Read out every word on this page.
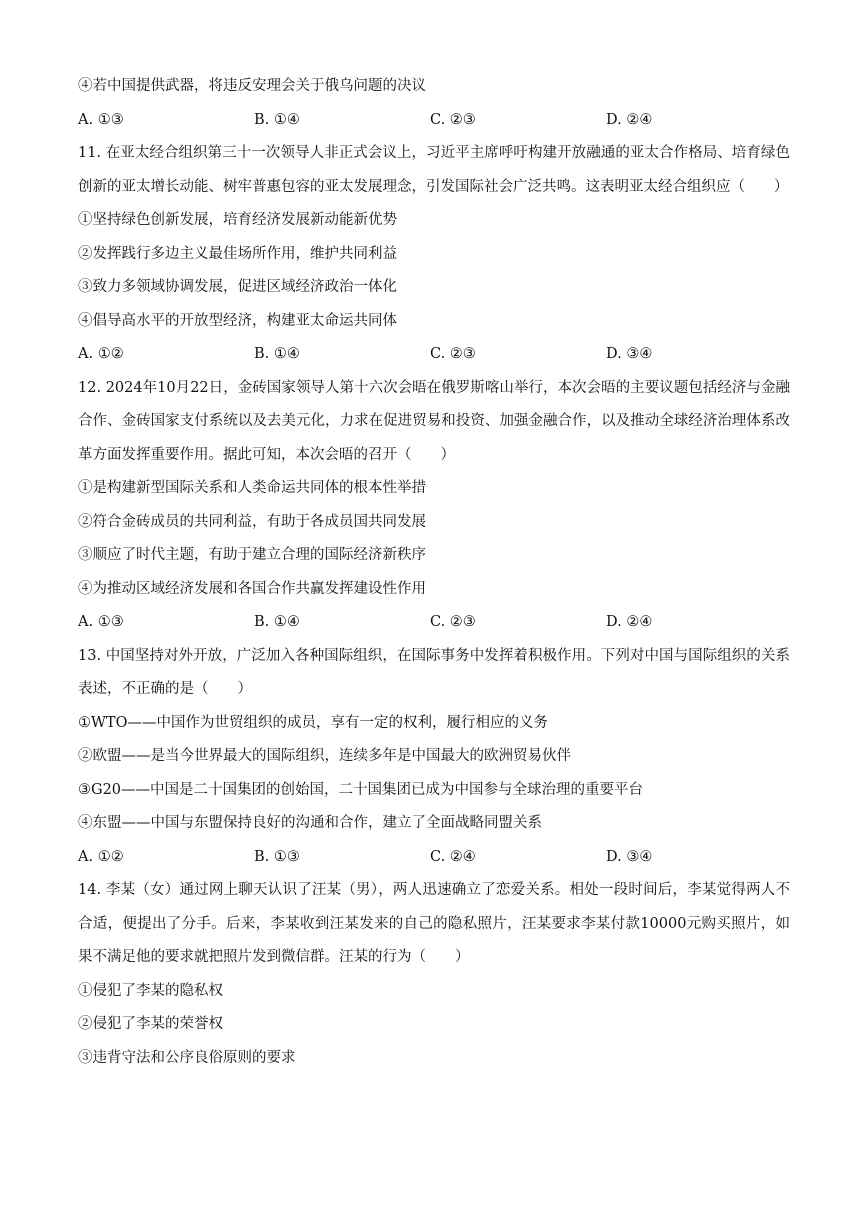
④若中国提供武器，将违反安理会关于俄乌问题的决议
A. ①③	B. ①④	C. ②③	D. ②④
11. 在亚太经合组织第三十一次领导人非正式会议上，习近平主席呼吁构建开放融通的亚太合作格局、培育绿色创新的亚太增长动能、树牢普惠包容的亚太发展理念，引发国际社会广泛共鸣。这表明亚太经合组织应（　　）
①坚持绿色创新发展，培育经济发展新动能新优势
②发挥践行多边主义最佳场所作用，维护共同利益
③致力多领域协调发展，促进区域经济政治一体化
④倡导高水平的开放型经济，构建亚太命运共同体
A. ①②	B. ①④	C. ②③	D. ③④
12. 2024年10月22日，金砖国家领导人第十六次会晤在俄罗斯喀山举行，本次会晤的主要议题包括经济与金融合作、金砖国家支付系统以及去美元化，力求在促进贸易和投资、加强金融合作，以及推动全球经济治理体系改革方面发挥重要作用。据此可知，本次会晤的召开（　　）
①是构建新型国际关系和人类命运共同体的根本性举措
②符合金砖成员的共同利益，有助于各成员国共同发展
③顺应了时代主题，有助于建立合理的国际经济新秩序
④为推动区域经济发展和各国合作共赢发挥建设性作用
A. ①③	B. ①④	C. ②③	D. ②④
13. 中国坚持对外开放，广泛加入各种国际组织，在国际事务中发挥着积极作用。下列对中国与国际组织的关系表述，不正确的是（　　）
①WTO——中国作为世贸组织的成员，享有一定的权利，履行相应的义务
②欧盟——是当今世界最大的国际组织，连续多年是中国最大的欧洲贸易伙伴
③G20——中国是二十国集团的创始国，二十国集团已成为中国参与全球治理的重要平台
④东盟——中国与东盟保持良好的沟通和合作，建立了全面战略同盟关系
A. ①②	B. ①③	C. ②④	D. ③④
14. 李某（女）通过网上聊天认识了汪某（男），两人迅速确立了恋爱关系。相处一段时间后，李某觉得两人不合适，便提出了分手。后来，李某收到汪某发来的自己的隐私照片，汪某要求李某付款10000元购买照片，如果不满足他的要求就把照片发到微信群。汪某的行为（　　）
①侵犯了李某的隐私权
②侵犯了李某的荣誉权
③违背守法和公序良俗原则的要求
